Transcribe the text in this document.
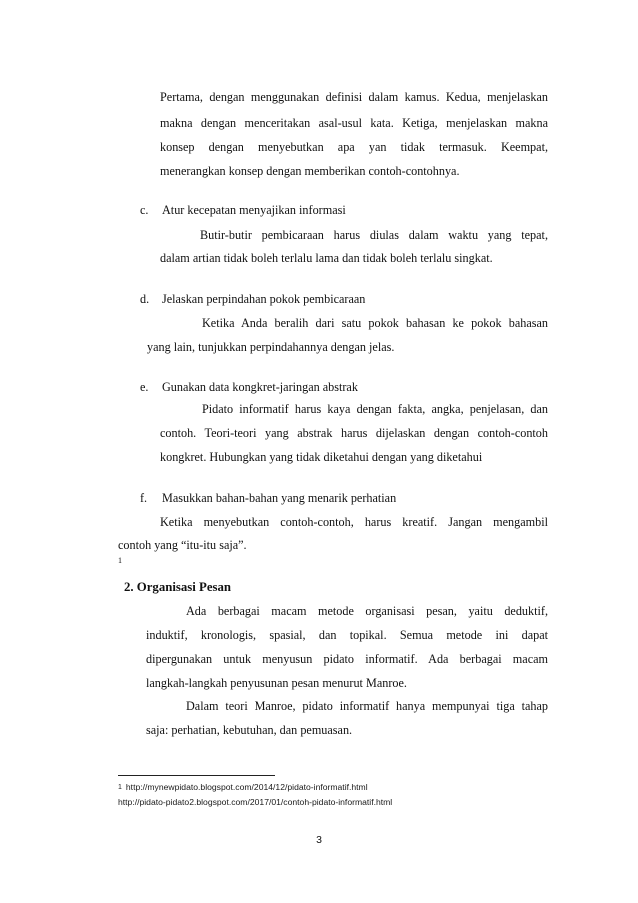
Pertama, dengan menggunakan definisi dalam kamus. Kedua, menjelaskan
makna dengan menceritakan asal-usul kata. Ketiga, menjelaskan makna
konsep dengan menyebutkan apa yan tidak termasuk. Keempat,
menerangkan konsep dengan memberikan contoh-contohnya.
c. Atur kecepatan menyajikan informasi
Butir-butir pembicaraan harus diulas dalam waktu yang tepat,
dalam artian tidak boleh terlalu lama dan tidak boleh terlalu singkat.
d. Jelaskan perpindahan pokok pembicaraan
Ketika Anda beralih dari satu pokok bahasan ke pokok bahasan
yang lain, tunjukkan perpindahannya dengan jelas.
e. Gunakan data kongkret-jaringan abstrak
Pidato informatif harus kaya dengan fakta, angka, penjelasan, dan
contoh. Teori-teori yang abstrak harus dijelaskan dengan contoh-contoh
kongkret. Hubungkan yang tidak diketahui dengan yang diketahui
f. Masukkan bahan-bahan yang menarik perhatian
Ketika menyebutkan contoh-contoh, harus kreatif. Jangan mengambil
contoh yang “itu-itu saja”.
1
2. Organisasi Pesan
Ada berbagai macam metode organisasi pesan, yaitu deduktif,
induktif, kronologis, spasial, dan topikal. Semua metode ini dapat
dipergunakan untuk menyusun pidato informatif. Ada berbagai macam
langkah-langkah penyusunan pesan menurut Manroe.
Dalam teori Manroe, pidato informatif hanya mempunyai tiga tahap
saja: perhatian, kebutuhan, dan pemuasan.
$^1$ http://mynewpidato.blogspot.com/2014/12/pidato-informatif.html
http://pidato-pidato2.blogspot.com/2017/01/contoh-pidato-informatif.html
3
